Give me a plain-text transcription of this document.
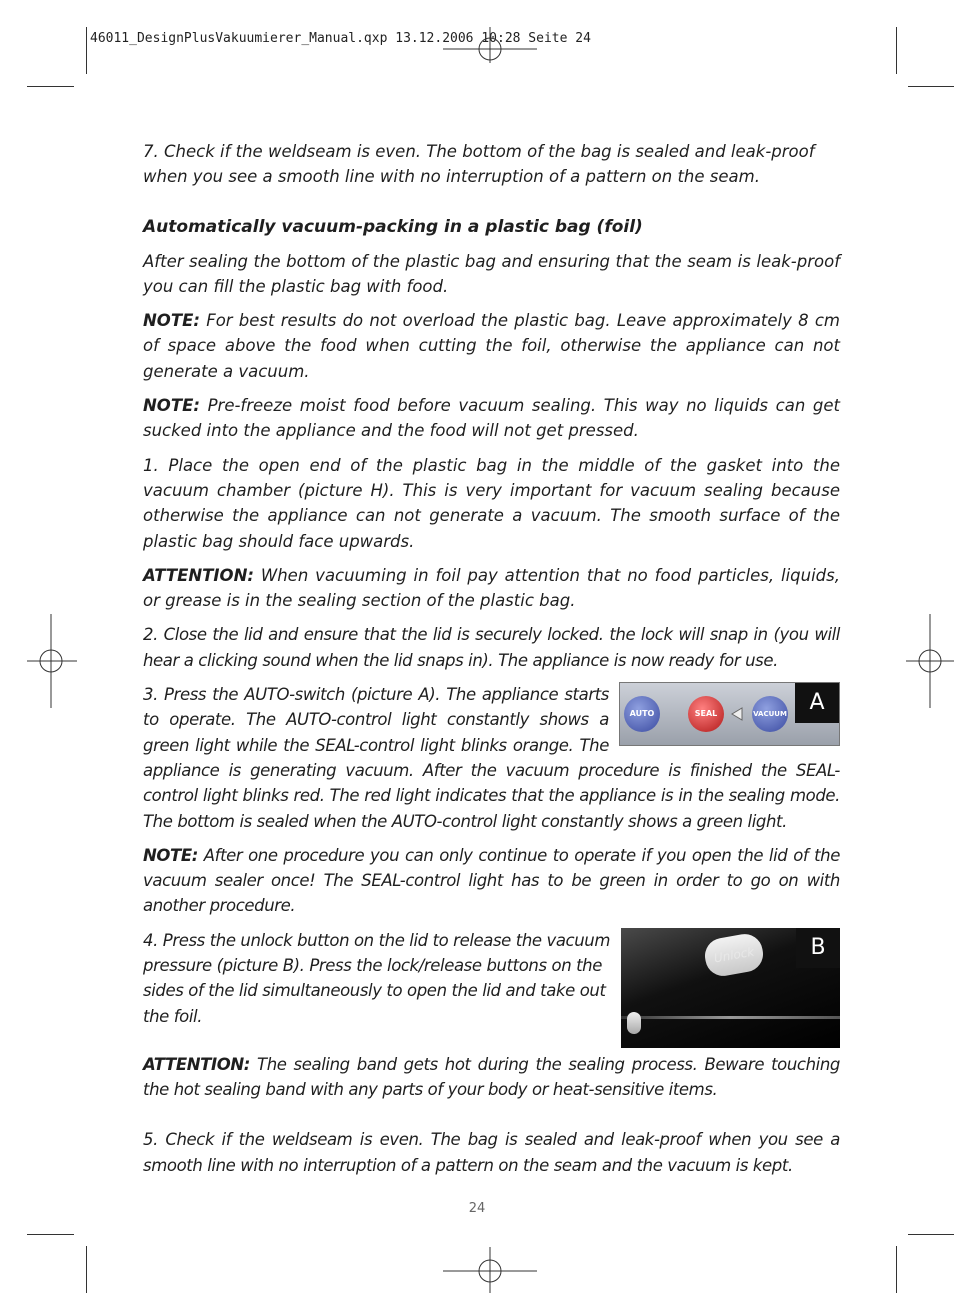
46011_DesignPlusVakuumierer_Manual.qxp 13.12.2006 10:28 Seite 24

7. Check if the weldseam is even. The bottom of the bag is sealed and leak-proof when you see a smooth line with no interruption of a pattern on the seam.

Automatically vacuum-packing in a plastic bag (foil)

After sealing the bottom of the plastic bag and ensuring that the seam is leak-proof you can fill the plastic bag with food.

NOTE: For best results do not overload the plastic bag. Leave approximately 8 cm of space above the food when cutting the foil, otherwise the appliance can not generate a vacuum.

NOTE: Pre-freeze moist food before vacuum sealing. This way no liquids can get sucked into the appliance and the food will not get pressed.

1. Place the open end of the plastic bag in the middle of the gasket into the vacuum chamber (picture H). This is very important for vacuum sealing because otherwise the appliance can not generate a vacuum. The smooth surface of the plastic bag should face upwards.

ATTENTION: When vacuuming in foil pay attention that no food particles, liquids, or grease is in the sealing section of the plastic bag.

2. Close the lid and ensure that the lid is securely locked. the lock will snap in (you will hear a clicking sound when the lid snaps in). The appliance is now ready for use.

AUTO	SEAL	VACUUM	A

3. Press the AUTO-switch (picture A). The appliance starts to operate. The AUTO-control light constantly shows a green light while the SEAL-control light blinks orange. The appliance is generating vacuum. After the vacuum procedure is finished the SEAL-control light blinks red. The red light indicates that the appliance is in the sealing mode. The bottom is sealed when the AUTO-control light constantly shows a green light.

NOTE: After one procedure you can only continue to operate if you open the lid of the vacuum sealer once! The SEAL-control light has to be green in order to go on with another procedure.

Unlock	B

4. Press the unlock button on the lid to release the vacuum pressure (picture B). Press the lock/release buttons on the sides of the lid simultaneously to open the lid and take out the foil.

ATTENTION: The sealing band gets hot during the sealing process. Beware touching the hot sealing band with any parts of your body or heat-sensitive items.

5. Check if the weldseam is even. The bag is sealed and leak-proof when you see a smooth line with no interruption of a pattern on the seam and the vacuum is kept.

24
